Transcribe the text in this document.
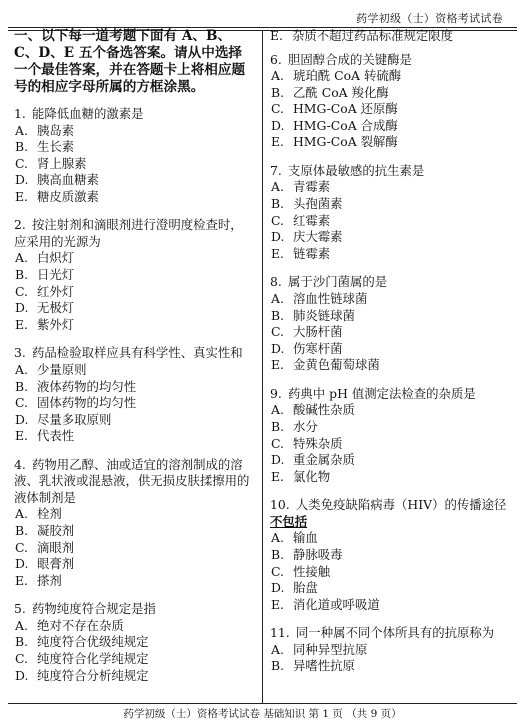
药学初级（士）资格考试试卷
一、以下每一道考题下面有 A、B、C、D、E 五个备选答案。请从中选择一个最佳答案，并在答题卡上将相应题号的相应字母所属的方框涂黑。
1.  能降低血糖的激素是
A. 胰岛素
B. 生长素
C. 肾上腺素
D. 胰高血糖素
E. 糖皮质激素
2.  按注射剂和滴眼剂进行澄明度检查时，应采用的光源为
A. 白炽灯
B. 日光灯
C. 红外灯
D. 无极灯
E. 紫外灯
3.  药品检验取样应具有科学性、真实性和
A. 少量原则
B. 液体药物的均匀性
C. 固体药物的均匀性
D. 尽量多取原则
E. 代表性
4.  药物用乙醇、油或适宜的溶剂制成的溶液、乳状液或混悬液，供无损皮肤揉擦用的液体制剂是
A. 栓剂
B. 凝胶剂
C. 滴眼剂
D. 眼膏剂
E. 搽剂
5.  药物纯度符合规定是指
A. 绝对不存在杂质
B. 纯度符合优级纯规定
C. 纯度符合化学纯规定
D. 纯度符合分析纯规定
E. 杂质不超过药品标准规定限度
6.  胆固醇合成的关键酶是
A. 琥珀酰 CoA 转硫酶
B. 乙酰 CoA 羧化酶
C. HMG-CoA 还原酶
D. HMG-CoA 合成酶
E. HMG-CoA 裂解酶
7.  支原体最敏感的抗生素是
A. 青霉素
B. 头孢菌素
C. 红霉素
D. 庆大霉素
E. 链霉素
8.  属于沙门菌属的是
A. 溶血性链球菌
B. 肺炎链球菌
C. 大肠杆菌
D. 伤寒杆菌
E. 金黄色葡萄球菌
9.  药典中 pH 值测定法检查的杂质是
A. 酸碱性杂质
B. 水分
C. 特殊杂质
D. 重金属杂质
E. 氯化物
10.  人类免疫缺陷病毒（HIV）的传播途径不包括
A. 输血
B. 静脉吸毒
C. 性接触
D. 胎盘
E. 消化道或呼吸道
11.  同一种属不同个体所具有的抗原称为
A. 同种异型抗原
B. 异嗜性抗原
药学初级（士）资格考试试卷 基础知识 第 1 页 （共 9 页）
